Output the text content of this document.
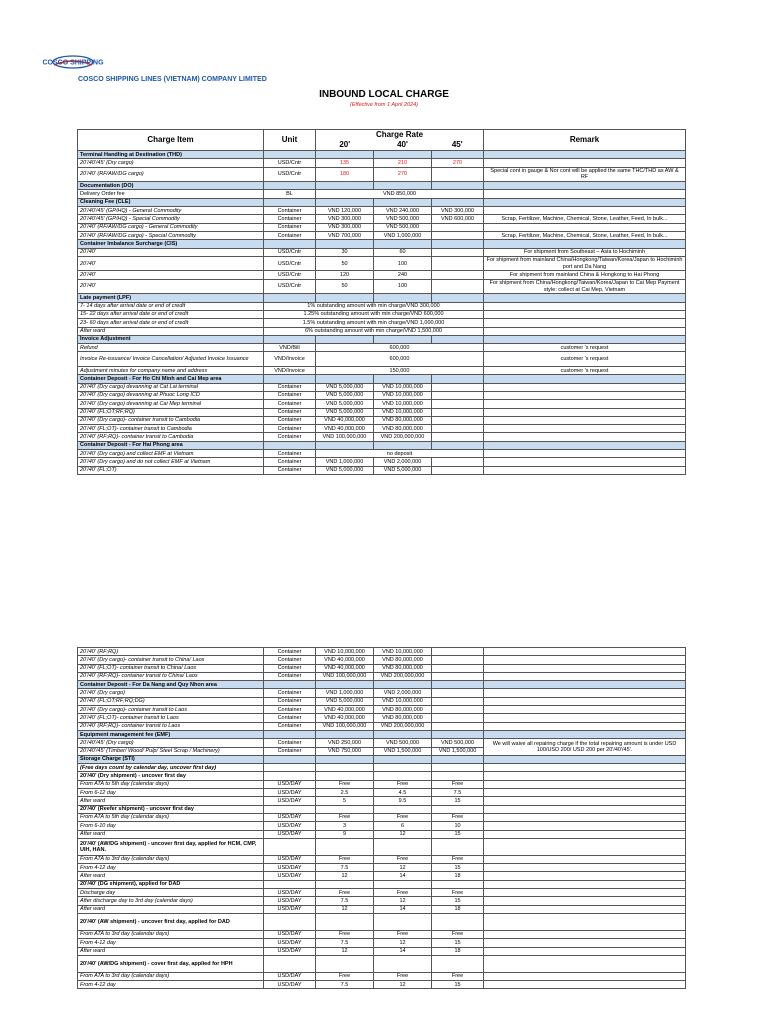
COSCO SHIPPING
COSCO SHIPPING LINES (VIETNAM) COMPANY LIMITED
INBOUND LOCAL CHARGE
(Effective from 1 April 2024)
Charge Item	Unit	Charge Rate			Remark
		20'	40'	45'	
Terminal Handling at Destination (THD)					
20'/40'/45' (Dry cargo)	USD/Cntr	135	210	270	
20'/40' (RF/AW/DG cargo)	USD/Cntr	180	270		Special cont in gauge & Nor cont will be applied the same THC/THD as AW & RF
Documentation (DO)					
Delivery Order fee	BL	VND 850,000			
Cleaning Fee (CLE)					
20'/40'/45' (GP/HQ) - General Commodity	Container	VND 120,000	VND 240,000	VND 300,000	
20'/40'/45' (GP/HQ) - Special Commodity	Container	VND 300,000	VND 500,000	VND 600,000	Scrap, Fertilizer, Machine, Chemical, Stone, Leather, Feed, In bulk...
20'/40' (RF/AW/DG cargo) - General Commodity	Container	VND 300,000	VND 500,000		
20'/40' (RF/AW/DG cargo) - Special Commodity	Container	VND 700,000	VND 1,000,000		Scrap, Fertilizer, Machine, Chemical, Stone, Leather, Feed, In bulk...
Container Imbalance Surcharge (CIS)					
20'/40'	USD/Cntr	30	60		For shipment from Southeast – Asia to Hochiminh
20'/40'	USD/Cntr	50	100		For shipment from mainland China/Hongkong/Taiwan/Korea/Japan to Hochiminh port and Da Nang
20'/40'	USD/Cntr	120	240		For shipment from mainland China & Hongkong to Hai Phong
20'/40'	USD/Cntr	50	100		For shipment from China/Hongkong/Taiwan/Korea/Japan to Cai Mep Payment style: collect at Cai Mep, Vietnam
Late payment (LPF)					
7- 14 days after arrival date or end of credit	1% outstanding amount with min charge/VND 300,000				
15- 22 days after arrival date or end of credit	1.25% outstanding amount with min charge/VND 600,000				
23- 60 days after arrival date or end of credit	1.5% outstanding amount with min charge/VND 1,000,000				
After ward	6% outstanding amount with min charge/VND 1,500,000				
Invoice Adjustment					
Refund	VND/Bill	600,000			customer 's request
Invoice Re-issuance/ Invoice Cancellation/ Adjusted Invoice Issuance	VND/Invoice	600,000			customer 's request
Adjustment minutes for company name and address	VND/Invoice	150,000			customer 's request
Container Deposit - For Ho Chi Minh and Cai Mep area					
20'/40' (Dry cargo) devanning at Cat Lai terminal	Container	VND 5,000,000	VND 10,000,000		
20'/40' (Dry cargo) devanning at Phuoc Long ICD	Container	VND 5,000,000	VND 10,000,000		
20'/40' (Dry cargo) devanning at Cai Mep terminal	Container	VND 5,000,000	VND 10,000,000		
20'/40' (FL;OT;RF;RQ)	Container	VND 5,000,000	VND 10,000,000		
20'/40' (Dry cargo)- container transit to Cambodia	Container	VND 40,000,000	VND 80,000,000		
20'/40' (FL;OT)- container transit to Cambodia	Container	VND 40,000,000	VND 80,000,000		
20'/40' (RF;RQ)- container transit to Cambodia	Container	VND 100,000,000	VND 200,000,000		
Container Deposit - For Hai Phong area					
20'/40' (Dry cargo) and collect EMF at Vietnam	Container	no deposit			
20'/40' (Dry cargo) and do not collect EMF at Vietnam	Container	VND 1,000,000	VND 2,000,000		
20'/40' (FL;OT)	Container	VND 5,000,000	VND 5,000,000		
20'/40' (RF;RQ)	Container	VND 10,000,000	VND 10,000,000		
20'/40' (Dry cargo)- container transit to China/ Laos	Container	VND 40,000,000	VND 80,000,000		
20'/40' (FL;OT)- container transit to China/ Laos	Container	VND 40,000,000	VND 80,000,000		
20'/40' (RF;RQ)- container transit to China/ Laos	Container	VND 100,000,000	VND 200,000,000		
Container Deposit - For Da Nang and Quy Nhon area					
20'/40' (Dry cargo)	Container	VND 1,000,000	VND 2,000,000		
20'/40' (FL;OT;RF;RQ;DG)	Container	VND 5,000,000	VND 10,000,000		
20'/40' (Dry cargo)- container transit to Laos	Container	VND 40,000,000	VND 80,000,000		
20'/40' (FL;OT)- container transit to Laos	Container	VND 40,000,000	VND 80,000,000		
20'/40' (RF;RQ)- container transit to Laos	Container	VND 100,000,000	VND 200,000,000		
Equipment management fee (EMF)					
20'/40'/45' (Dry cargo)	Container	VND 250,000	VND 500,000	VND 500,000	We will waive all repairing charge if the total repairing amount is under USD 100/USD 200/ USD 200 per 20'/40'/45'.
20'/40'/45' (Timber/ Wood/ Pulp/ Steel Scrap / Machinery)	Container	VND 750,000	VND 1,500,000	VND 1,500,000	
Storage Charge (STI)					
(Free days count by calendar day, uncover first day)					
20'/40' (Dry shipment) - uncover first day					
From ATA to 5th day (calendar days)	USD/DAY	Free	Free	Free	
From 6-12 day	USD/DAY	2.5	4.5	7.5	
After ward	USD/DAY	5	9.5	15	
20'/40' (Reefer shipment) - uncover first day					
From ATA to 5th day (calendar days)	USD/DAY	Free	Free	Free	
From 6-10 day	USD/DAY	3	6	10	
After ward	USD/DAY	9	12	15	
20'/40' (AW/DG shipment) - uncover first day, applied for HCM, CMP, UIH, HAN.					
From ATA to 3rd day (calendar days)	USD/DAY	Free	Free	Free	
From 4-12 day	USD/DAY	7.5	12	15	
After ward	USD/DAY	12	14	18	
20'/40' (DG shipment), applied for DAD					
Discharge day	USD/DAY	Free	Free	Free	
After discharge day to 3rd day (calendar days)	USD/DAY	7.5	12	15	
After ward	USD/DAY	12	14	18	
20'/40' (AW shipment) - uncover first day, applied for DAD					
From ATA to 3rd day (calendar days)	USD/DAY	Free	Free	Free	
From 4-12 day	USD/DAY	7.5	12	15	
After ward	USD/DAY	12	14	18	
20'/40' (AW/DG shipment) - cover first day, applied for HPH					
From ATA to 3rd day (calendar days)	USD/DAY	Free	Free	Free	
From 4-12 day	USD/DAY	7.5	12	15	
